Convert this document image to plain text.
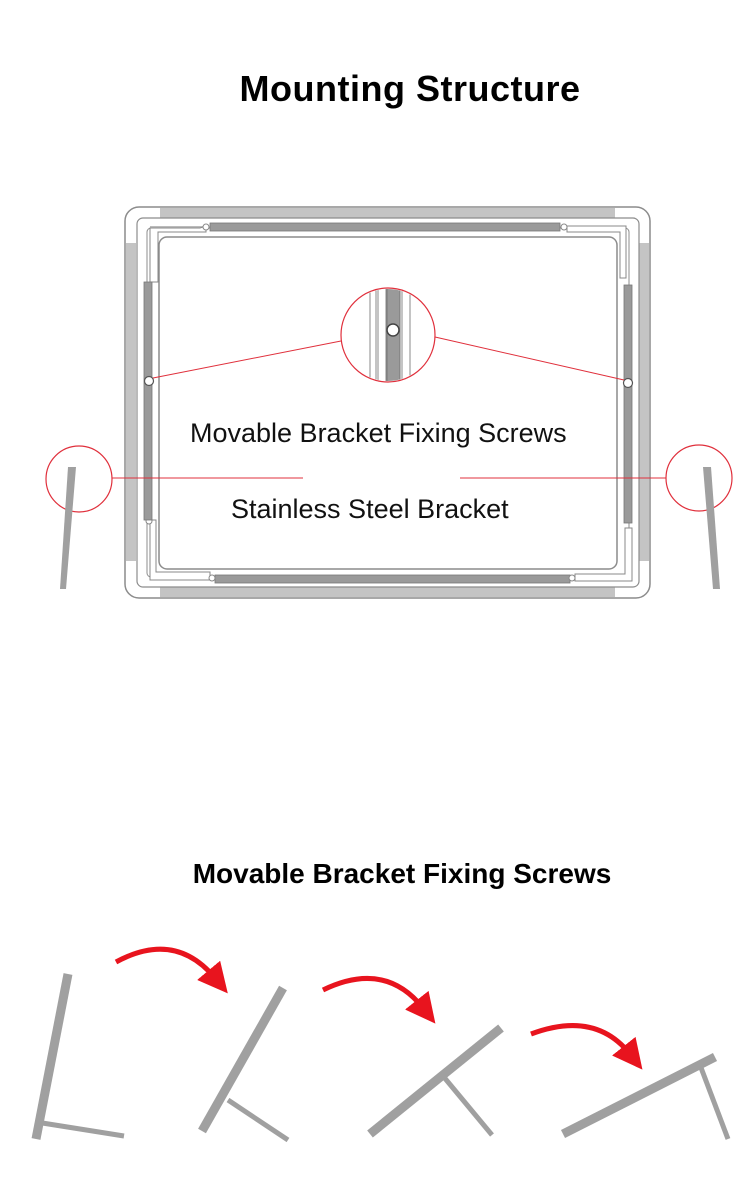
Mounting Structure
Movable Bracket Fixing Screws
Stainless Steel Bracket
Movable Bracket Fixing Screws
